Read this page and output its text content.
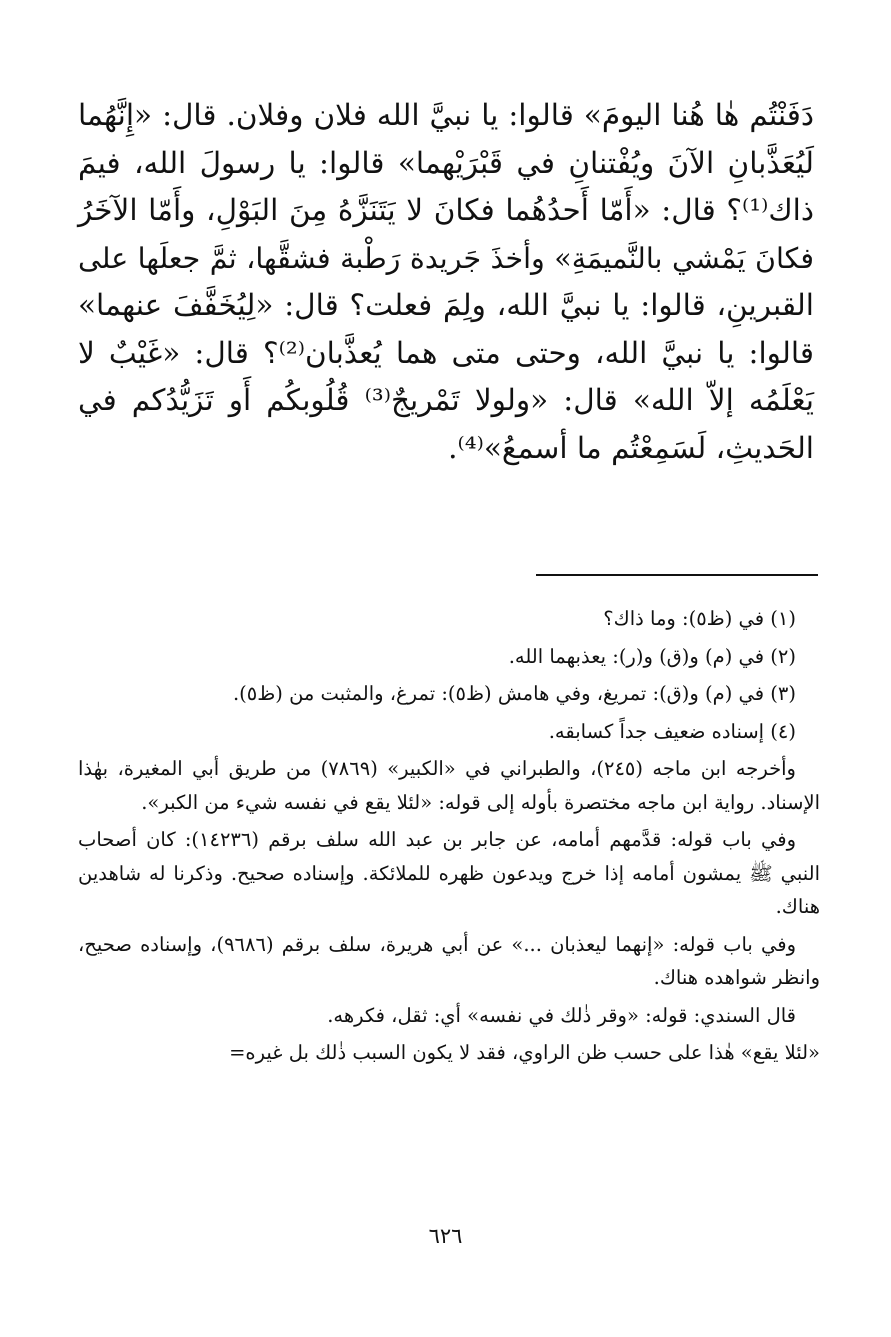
دَفَنْتُم هٰا هُنا اليومَ» قالوا: يا نبيَّ الله فلان وفلان. قال: «إِنَّهُما
لَيُعَذَّبانِ الآنَ ويُفْتنانِ في قَبْرَيْهما» قالوا: يا رسولَ الله، فيمَ
ذاك⁽¹⁾؟ قال: «أَمّا أَحدُهُما فكانَ لا يَتَنَزَّهُ مِنَ البَوْلِ، وأَمّا الآخَرُ
فكانَ يَمْشي بالنَّميمَةِ» وأخذَ جَريدة رَطْبة فشقَّها، ثمَّ جعلَها على
القبرينِ، قالوا: يا نبيَّ الله، ولِمَ فعلت؟ قال: «لِيُخَفَّفَ عنهما»
قالوا: يا نبيَّ الله، وحتى متى هما يُعذَّبان⁽²⁾؟ قال: «غَيْبٌ لا
يَعْلَمُه إلاّ الله» قال: «ولولا تَمْريجٌ⁽³⁾ قُلُوبكُم أَو تَزَيُّدُكم في
الحَديثِ، لَسَمِعْتُم ما أسمعُ»⁽⁴⁾.

(١) في (ظ٥): وما ذاك؟

(٢) في (م) و(ق) و(ر): يعذبهما الله.

(٣) في (م) و(ق): تمريغ، وفي هامش (ظ٥): تمرغ، والمثبت من (ظ٥).

(٤) إسناده ضعيف جداً كسابقه.

وأخرجه ابن ماجه (٢٤٥)، والطبراني في «الكبير» (٧٨٦٩) من طريق أبي المغيرة، بهٰذا الإسناد. رواية ابن ماجه مختصرة بأوله إلى قوله: «لئلا يقع في نفسه شيء من الكبر».

وفي باب قوله: قدَّمهم أمامه، عن جابر بن عبد الله سلف برقم (١٤٢٣٦): كان أصحاب النبي ﷺ يمشون أمامه إذا خرج ويدعون ظهره للملائكة. وإسناده صحيح. وذكرنا له شاهدين هناك.

وفي باب قوله: «إنهما ليعذبان ...» عن أبي هريرة، سلف برقم (٩٦٨٦)، وإسناده صحيح، وانظر شواهده هناك.

قال السندي: قوله: «وقر ذٰلك في نفسه» أي: ثقل، فكرهه.

«لئلا يقع» هٰذا على حسب ظن الراوي، فقد لا يكون السبب ذٰلك بل غيره=

٦٢٦
